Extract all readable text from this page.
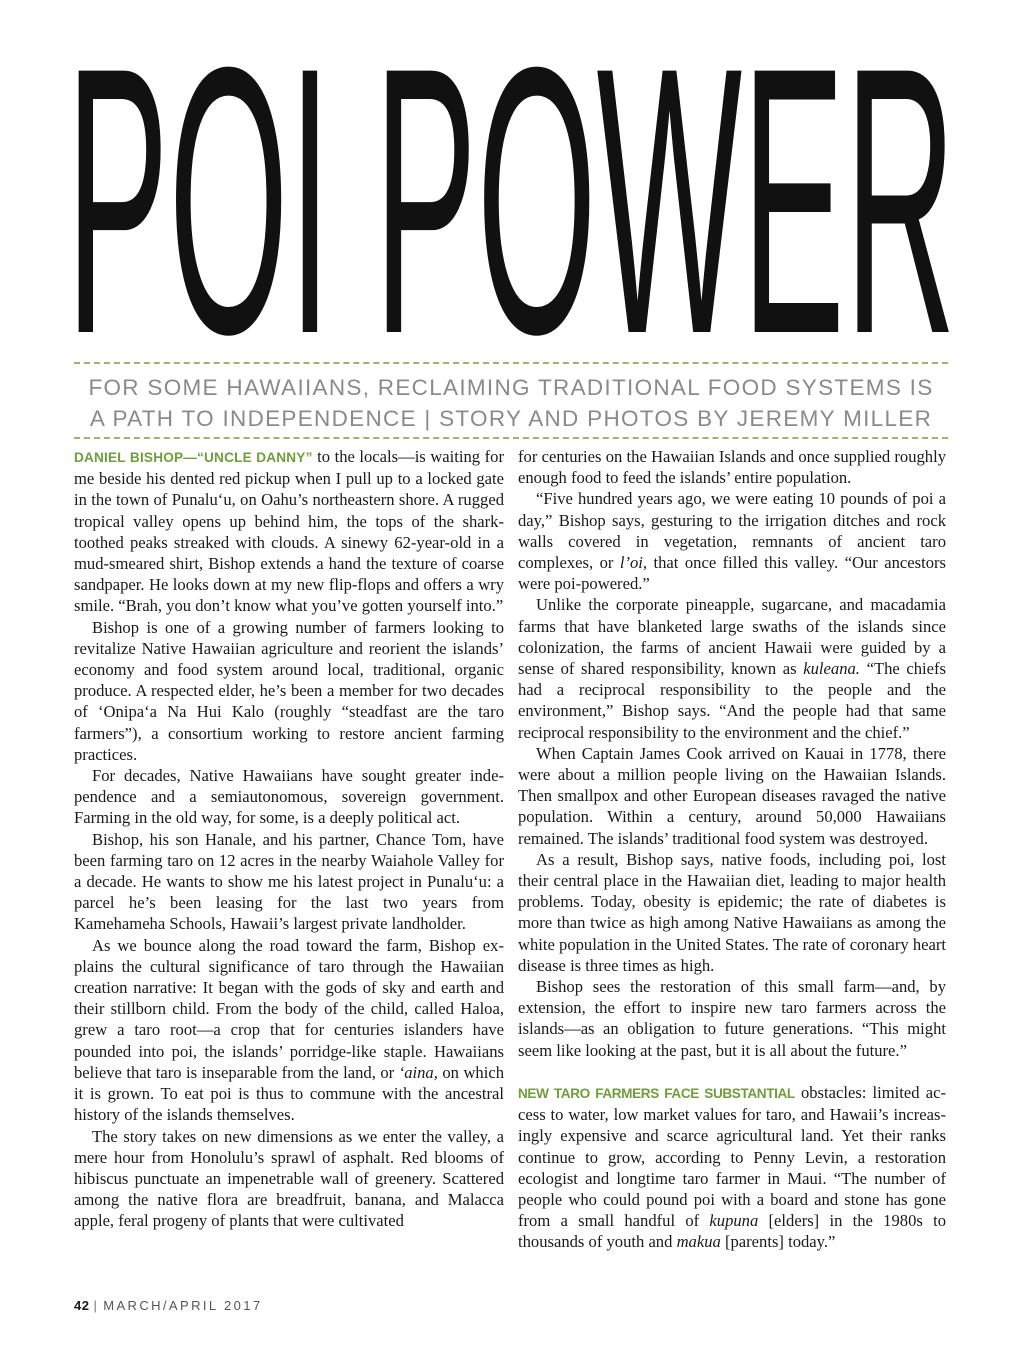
POI POWER
FOR SOME HAWAIIANS, RECLAIMING TRADITIONAL FOOD SYSTEMS IS
A PATH TO INDEPENDENCE | STORY AND PHOTOS BY JEREMY MILLER

DANIEL BISHOP—“UNCLE DANNY” to the locals—is waiting for me beside his dented red pickup when I pull up to a locked gate in the town of Punalu‘u, on Oahu’s northeastern shore. A rugged tropical valley opens up behind him, the tops of the shark-toothed peaks streaked with clouds. A sinewy 62-year-old in a mud-smeared shirt, Bishop extends a hand the texture of coarse sandpaper. He looks down at my new flip-flops and offers a wry smile. “Brah, you don’t know what you’ve gotten yourself into.”

Bishop is one of a growing number of farmers looking to revitalize Native Hawaiian agriculture and reorient the islands’ economy and food system around local, traditional, organic produce. A respected elder, he’s been a member for two decades of ‘Onipa‘a Na Hui Kalo (roughly “steadfast are the taro farmers”), a consortium working to restore ancient farming practices.

For decades, Native Hawaiians have sought greater independence and a semiautonomous, sovereign government. Farming in the old way, for some, is a deeply political act.

Bishop, his son Hanale, and his partner, Chance Tom, have been farming taro on 12 acres in the nearby Waiahole Valley for a decade. He wants to show me his latest project in Punalu‘u: a parcel he’s been leasing for the last two years from Kamehameha Schools, Hawaii’s largest private landholder.

As we bounce along the road toward the farm, Bishop explains the cultural significance of taro through the Hawaiian creation narrative: It began with the gods of sky and earth and their stillborn child. From the body of the child, called Haloa, grew a taro root—a crop that for centuries islanders have pounded into poi, the islands’ porridge-like staple. Hawaiians believe that taro is inseparable from the land, or ‘aina, on which it is grown. To eat poi is thus to commune with the ancestral history of the islands themselves.

The story takes on new dimensions as we enter the valley, a mere hour from Honolulu’s sprawl of asphalt. Red blooms of hibiscus punctuate an impenetrable wall of greenery. Scattered among the native flora are breadfruit, banana, and Malacca apple, feral progeny of plants that were cultivated

for centuries on the Hawaiian Islands and once supplied roughly enough food to feed the islands’ entire population.

“Five hundred years ago, we were eating 10 pounds of poi a day,” Bishop says, gesturing to the irrigation ditches and rock walls covered in vegetation, remnants of ancient taro complexes, or l’oi, that once filled this valley. “Our ancestors were poi-powered.”

Unlike the corporate pineapple, sugarcane, and macadamia farms that have blanketed large swaths of the islands since colonization, the farms of ancient Hawaii were guided by a sense of shared responsibility, known as kuleana. “The chiefs had a reciprocal responsibility to the people and the environment,” Bishop says. “And the people had that same reciprocal responsibility to the environment and the chief.”

When Captain James Cook arrived on Kauai in 1778, there were about a million people living on the Hawaiian Islands. Then smallpox and other European diseases ravaged the native population. Within a century, around 50,000 Hawaiians remained. The islands’ traditional food system was destroyed.

As a result, Bishop says, native foods, including poi, lost their central place in the Hawaiian diet, leading to major health problems. Today, obesity is epidemic; the rate of diabetes is more than twice as high among Native Hawaiians as among the white population in the United States. The rate of coronary heart disease is three times as high.

Bishop sees the restoration of this small farm—and, by extension, the effort to inspire new taro farmers across the islands—as an obligation to future generations. “This might seem like looking at the past, but it is all about the future.”

NEW TARO FARMERS FACE SUBSTANTIAL obstacles: limited access to water, low market values for taro, and Hawaii’s increasingly expensive and scarce agricultural land. Yet their ranks continue to grow, according to Penny Levin, a restoration ecologist and longtime taro farmer in Maui. “The number of people who could pound poi with a board and stone has gone from a small handful of kupuna [elders] in the 1980s to thousands of youth and makua [parents] today.”

42 | MARCH/APRIL 2017
